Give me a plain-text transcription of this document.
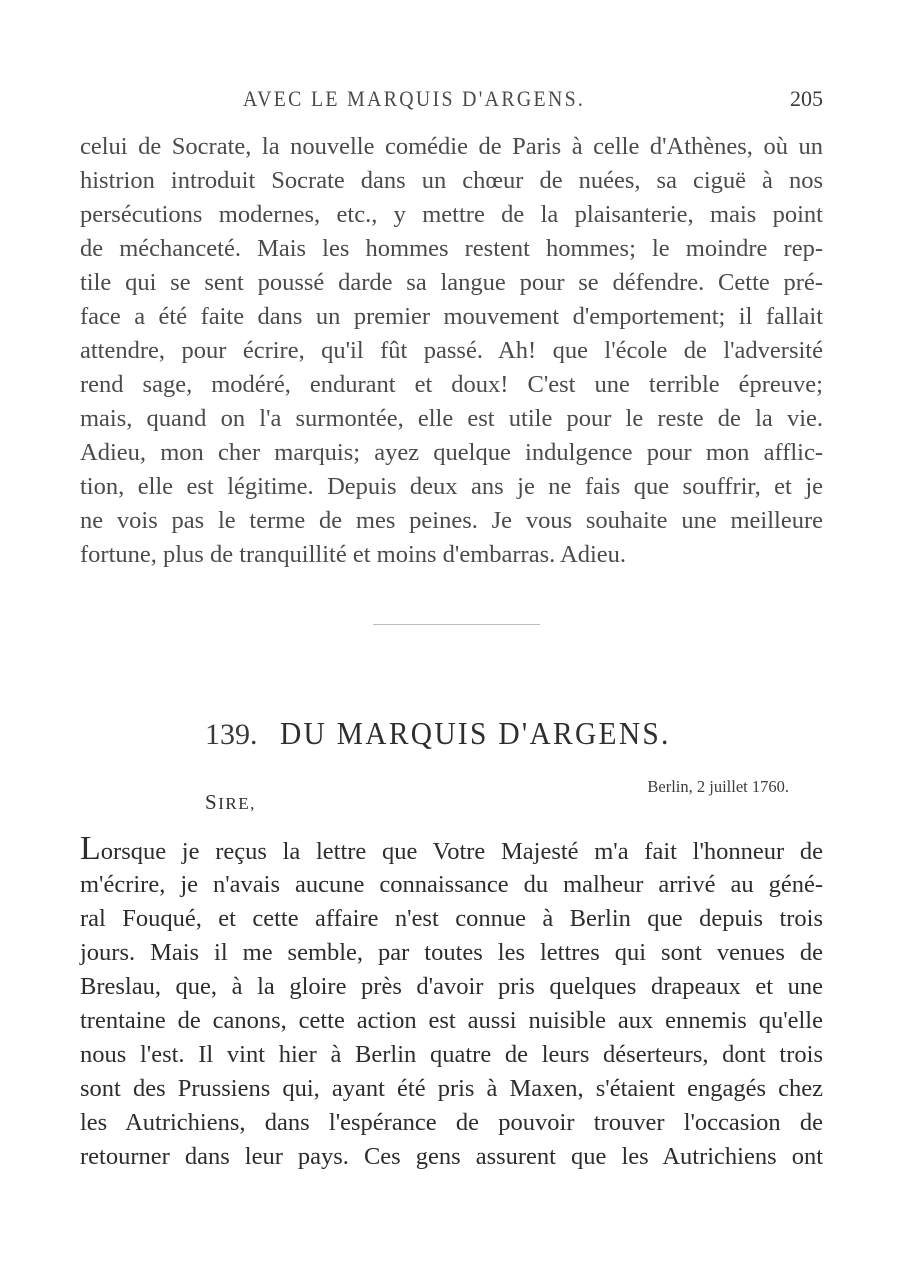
AVEC LE MARQUIS D'ARGENS.	205
celui de Socrate, la nouvelle comédie de Paris à celle d'Athènes, où un
histrion introduit Socrate dans un chœur de nuées, sa ciguë à nos
persécutions modernes, etc., y mettre de la plaisanterie, mais point
de méchanceté. Mais les hommes restent hommes; le moindre rep-
tile qui se sent poussé darde sa langue pour se défendre. Cette pré-
face a été faite dans un premier mouvement d'emportement; il fallait
attendre, pour écrire, qu'il fût passé. Ah! que l'école de l'adversité
rend sage, modéré, endurant et doux! C'est une terrible épreuve;
mais, quand on l'a surmontée, elle est utile pour le reste de la vie.
Adieu, mon cher marquis; ayez quelque indulgence pour mon afflic-
tion, elle est légitime. Depuis deux ans je ne fais que souffrir, et je
ne vois pas le terme de mes peines. Je vous souhaite une meilleure
fortune, plus de tranquillité et moins d'embarras. Adieu.
139. DU MARQUIS D'ARGENS.
Berlin, 2 juillet 1760.
SIRE,
Lorsque je reçus la lettre que Votre Majesté m'a fait l'honneur de
m'écrire, je n'avais aucune connaissance du malheur arrivé au géné-
ral Fouqué, et cette affaire n'est connue à Berlin que depuis trois
jours. Mais il me semble, par toutes les lettres qui sont venues de
Breslau, que, à la gloire près d'avoir pris quelques drapeaux et une
trentaine de canons, cette action est aussi nuisible aux ennemis qu'elle
nous l'est. Il vint hier à Berlin quatre de leurs déserteurs, dont trois
sont des Prussiens qui, ayant été pris à Maxen, s'étaient engagés chez
les Autrichiens, dans l'espérance de pouvoir trouver l'occasion de
retourner dans leur pays. Ces gens assurent que les Autrichiens ont
